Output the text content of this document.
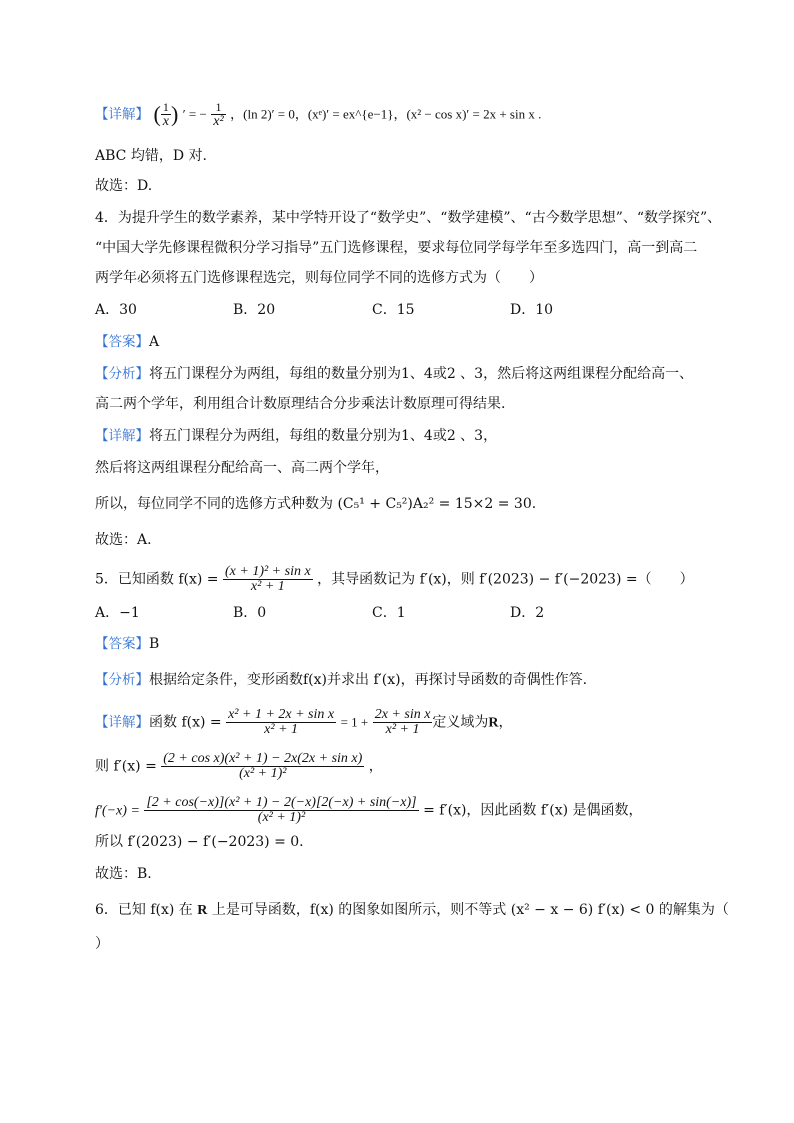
【详解】 ( $\frac{1}{x}$ ) ′ = − $\frac{1}{\text{x²}}$ ，(ln 2)′ = 0，(xᵉ)′ = ex^{e−1}，(x² − cos x)′ = 2x + sin x .
ABC 均错，D 对.
故选：D.
4．为提升学生的数学素养，某中学特开设了“数学史”、“数学建模”、“古今数学思想”、“数学探究”、
“中国大学先修课程微积分学习指导”五门选修课程，要求每位同学每学年至多选四门，高一到高二
两学年必须将五门选修课程选完，则每位同学不同的选修方式为（　　）
A．30	B．20	C．15	D．10
【答案】A
【分析】将五门课程分为两组，每组的数量分别为1、4或2 、3，然后将这两组课程分配给高一、
高二两个学年，利用组合计数原理结合分步乘法计数原理可得结果.
【详解】将五门课程分为两组，每组的数量分别为1、4或2 、3，
然后将这两组课程分配给高一、高二两个学年，
所以，每位同学不同的选修方式种数为 (C₅¹ + C₅²)A₂² = 15×2 = 30.
故选：A.
5．已知函数 $f(x) = \frac{\text{(x + 1)² + sin x}}{\text{x² + 1}}$ ，其导函数记为 f′(x)，则 f′(2023) − f′(−2023) =（　　）
A．−1	B．0	C．1	D．2
【答案】B
【分析】根据给定条件，变形函数f(x)并求出 f′(x)，再探讨导函数的奇偶性作答.
【详解】函数 $f(x) = \frac{\text{x² + 1 + 2x + sin x}}{\text{x² + 1}} = 1 + \frac{\text{2x + sin x}}{\text{x² + 1}}$ 定义域为R，
则 $f'(x) = \frac{\text{(2 + cos x)(x² + 1) − 2x(2x + sin x)}}{\text{(x² + 1)²}}$ ，
$f'(-x) = \frac{\text{[2 + cos(−x)](x² + 1) − 2(−x)[2(−x) + sin(−x)]}}{\text{(x² + 1)²}} = f'(x)$，因此函数 f′(x) 是偶函数，
所以 f′(2023) − f′(−2023) = 0.
故选：B.
6．已知 f(x) 在 R 上是可导函数，f(x) 的图象如图所示，则不等式 (x² − x − 6) f′(x) < 0 的解集为（
）
